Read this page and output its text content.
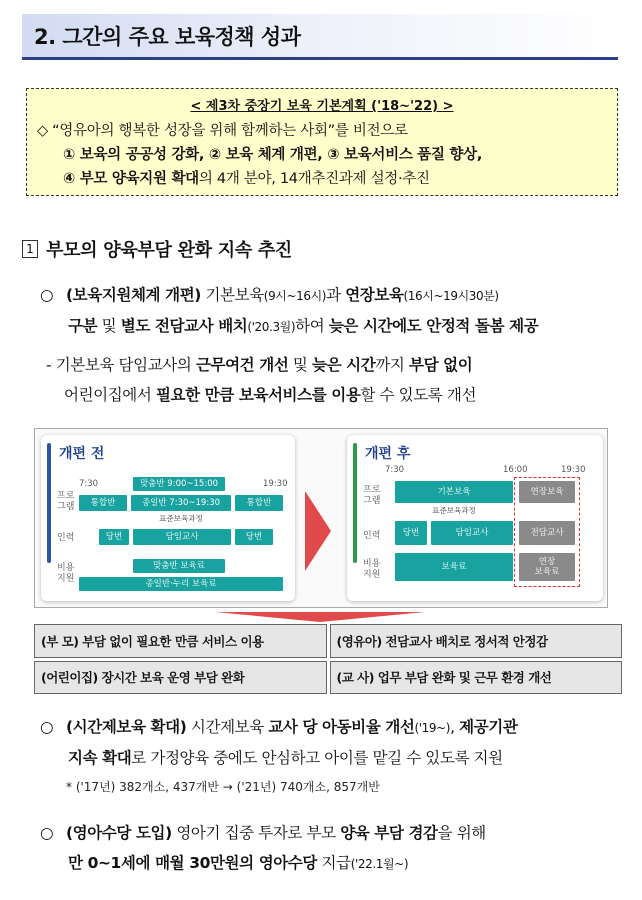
2. 그간의 주요 보육정책 성과
< 제3차 중장기 보육 기본계획 ('18~'22) >
◇ “영유아의 행복한 성장을 위해 함께하는 사회”를 비전으로
① 보육의 공공성 강화, ② 보육 체계 개편, ③ 보육서비스 품질 향상,
④ 부모 양육지원 확대의 4개 분야, 14개추진과제 설정·추진
1 부모의 양육부담 완화 지속 추진
○ (보육지원체계 개편) 기본보육(9시~16시)과 연장보육(16시~19시30분)
구분 및 별도 전담교사 배치('20.3월)하여 늦은 시간에도 안정적 돌봄 제공
- 기본보육 담임교사의 근무여건 개선 및 늦은 시간까지 부담 없이
어린이집에서 필요한 만큼 보육서비스를 이용할 수 있도록 개선
개편 전
7:30	19:30
프로
그램
맞춤반 9:00~15:00
통합반	종일반 7:30~19:30	통합반
표준보육과정
인력	당번	담임교사	당번
비용
지원
맞춤반 보육료
종일반·누리 보육료
개편 후
7:30	16:00	19:30
프로
그램
기본보육	연장보육
표준보육과정
인력	당번	담임교사	전담교사
비용
지원
보육료	연장
보육료
(부 모) 부담 없이 필요한 만큼 서비스 이용	(영유아) 전담교사 배치로 정서적 안정감
(어린이집) 장시간 보육 운영 부담 완화	(교 사) 업무 부담 완화 및 근무 환경 개선
○ (시간제보육 확대) 시간제보육 교사 당 아동비율 개선('19~), 제공기관
지속 확대로 가정양육 중에도 안심하고 아이를 맡길 수 있도록 지원
* ('17년) 382개소, 437개반 → ('21년) 740개소, 857개반
○ (영아수당 도입) 영아기 집중 투자로 부모 양육 부담 경감을 위해
만 0~1세에 매월 30만원의 영아수당 지급('22.1월~)
